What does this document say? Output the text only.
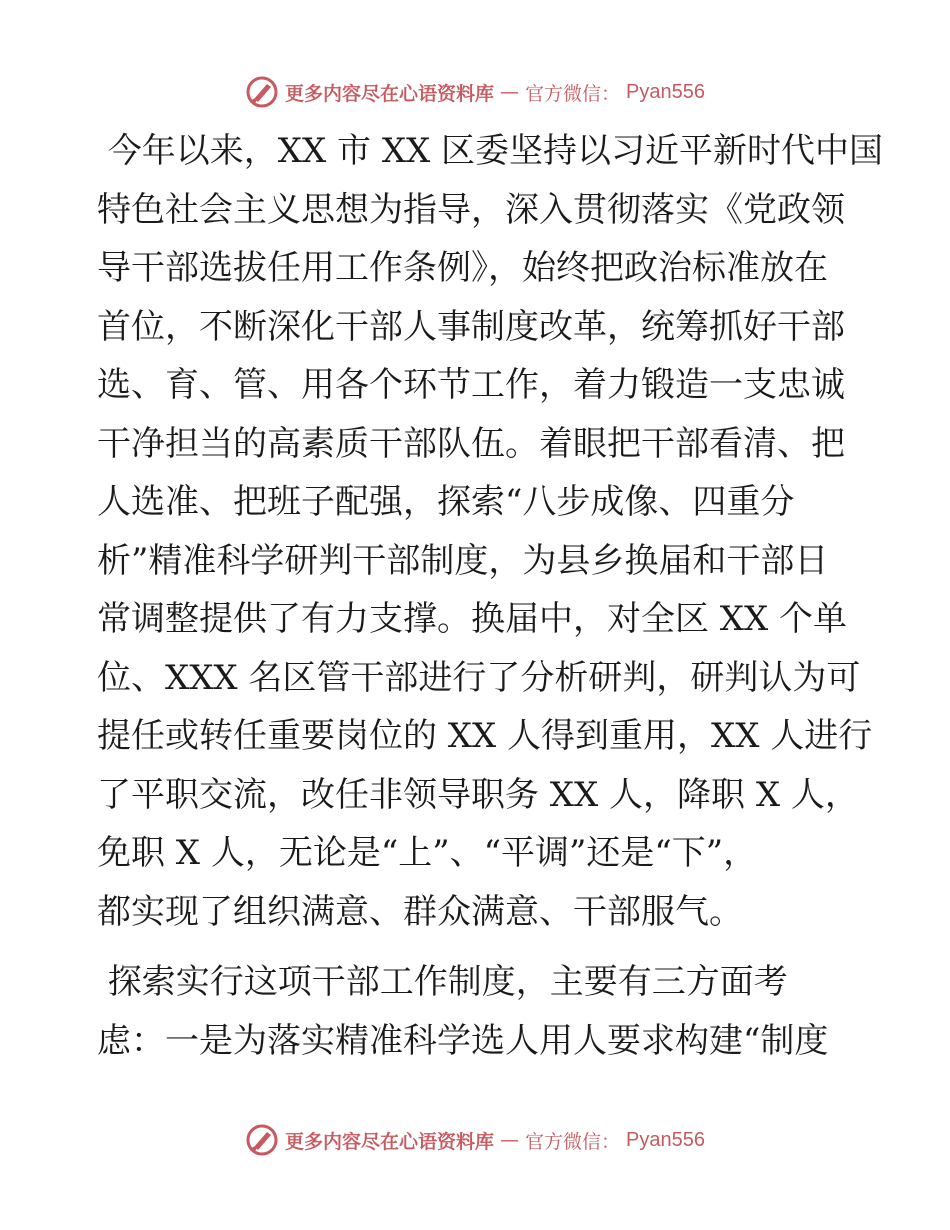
更多内容尽在心语资料库 — 官方微信： Pyan556

今年以来，XX 市 XX 区委坚持以习近平新时代中国
特色社会主义思想为指导，深入贯彻落实《党政领
导干部选拔任用工作条例》，始终把政治标准放在
首位，不断深化干部人事制度改革，统筹抓好干部
选、育、管、用各个环节工作，着力锻造一支忠诚
干净担当的高素质干部队伍。着眼把干部看清、把
人选准、把班子配强，探索“八步成像、四重分
析”精准科学研判干部制度，为县乡换届和干部日
常调整提供了有力支撑。换届中，对全区 XX 个单
位、XXX 名区管干部进行了分析研判，研判认为可
提任或转任重要岗位的 XX 人得到重用，XX 人进行
了平职交流，改任非领导职务 XX 人，降职 X 人，
免职 X 人，无论是“上”、“平调”还是“下”，
都实现了组织满意、群众满意、干部服气。

探索实行这项干部工作制度，主要有三方面考
虑：一是为落实精准科学选人用人要求构建“制度

更多内容尽在心语资料库 — 官方微信： Pyan556
